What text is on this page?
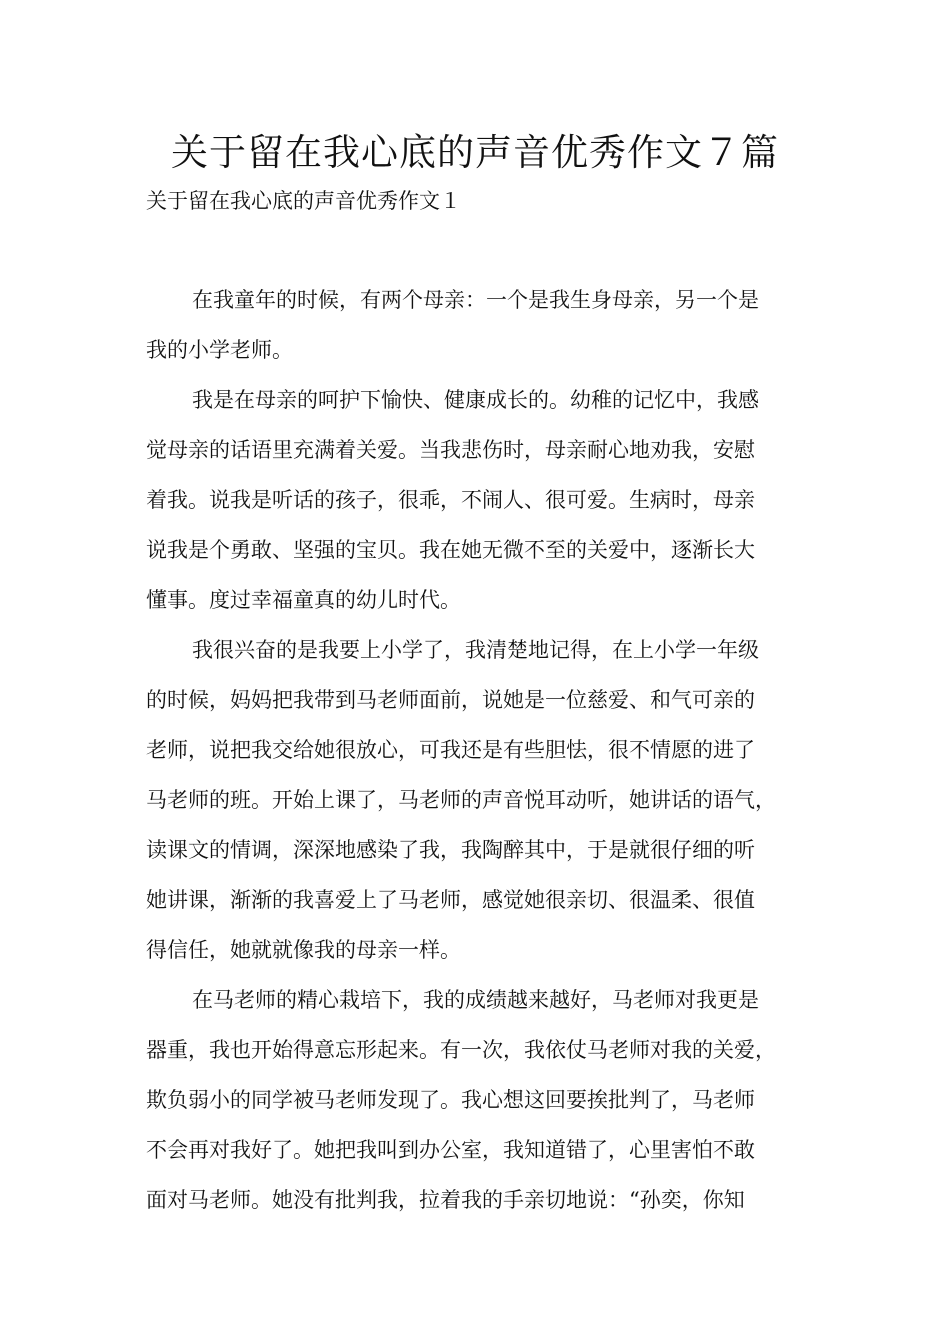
关于留在我心底的声音优秀作文７篇
关于留在我心底的声音优秀作文１
在我童年的时候，有两个母亲：一个是我生身母亲，另一个是
我的小学老师。
我是在母亲的呵护下愉快、健康成长的。幼稚的记忆中，我感
觉母亲的话语里充满着关爱。当我悲伤时，母亲耐心地劝我，安慰
着我。说我是听话的孩子，很乖，不闹人、很可爱。生病时，母亲
说我是个勇敢、坚强的宝贝。我在她无微不至的关爱中，逐渐长大
懂事。度过幸福童真的幼儿时代。
我很兴奋的是我要上小学了，我清楚地记得，在上小学一年级
的时候，妈妈把我带到马老师面前，说她是一位慈爱、和气可亲的
老师，说把我交给她很放心，可我还是有些胆怯，很不情愿的进了
马老师的班。开始上课了，马老师的声音悦耳动听，她讲话的语气，
读课文的情调，深深地感染了我，我陶醉其中，于是就很仔细的听
她讲课，渐渐的我喜爱上了马老师，感觉她很亲切、很温柔、很值
得信任，她就就像我的母亲一样。
在马老师的精心栽培下，我的成绩越来越好，马老师对我更是
器重，我也开始得意忘形起来。有一次，我依仗马老师对我的关爱，
欺负弱小的同学被马老师发现了。我心想这回要挨批判了，马老师
不会再对我好了。她把我叫到办公室，我知道错了，心里害怕不敢
面对马老师。她没有批判我，拉着我的手亲切地说：“孙奕，你知
